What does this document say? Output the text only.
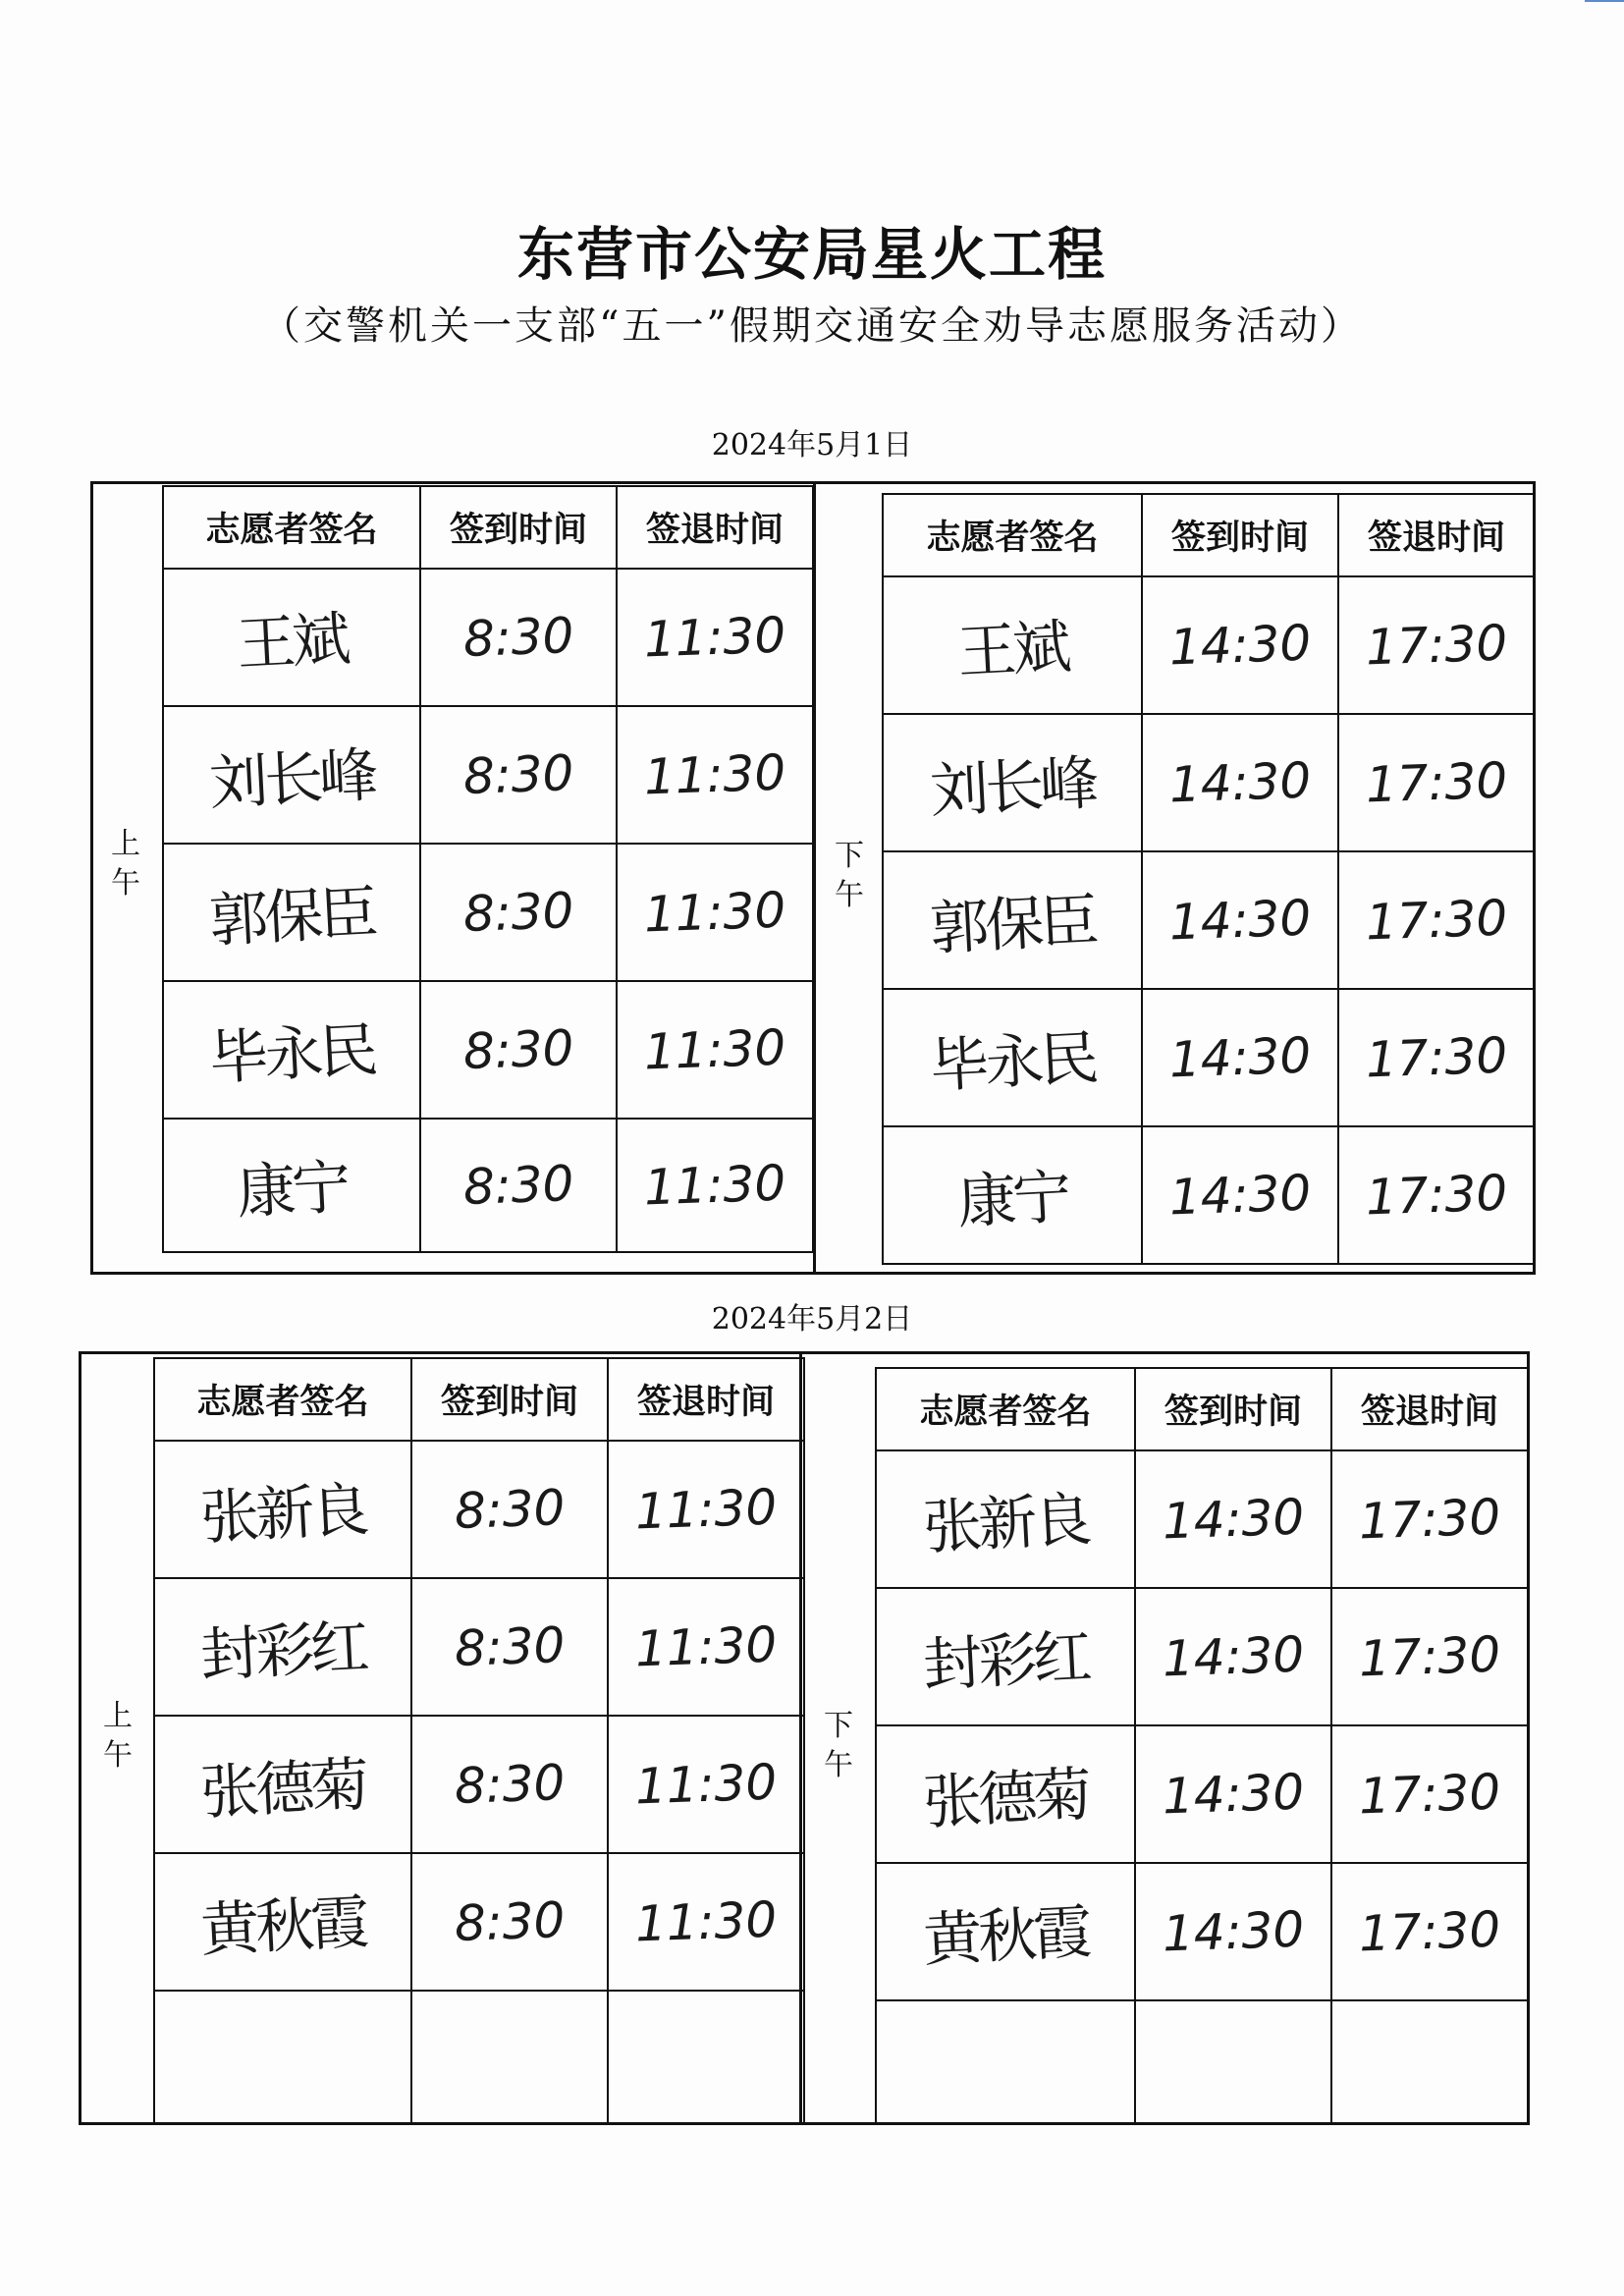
东营市公安局星火工程
（交警机关一支部“五一”假期交通安全劝导志愿服务活动）
2024年5月1日
上
午
下
午
志愿者签名	签到时间	签退时间
王斌	8:30	11:30
刘长峰	8:30	11:30
郭保臣	8:30	11:30
毕永民	8:30	11:30
康宁	8:30	11:30
志愿者签名	签到时间	签退时间
王斌	14:30	17:30
刘长峰	14:30	17:30
郭保臣	14:30	17:30
毕永民	14:30	17:30
康宁	14:30	17:30
2024年5月2日
上
午
下
午
志愿者签名	签到时间	签退时间
张新良	8:30	11:30
封彩红	8:30	11:30
张德菊	8:30	11:30
黄秋霞	8:30	11:30

志愿者签名	签到时间	签退时间
张新良	14:30	17:30
封彩红	14:30	17:30
张德菊	14:30	17:30
黄秋霞	14:30	17:30
